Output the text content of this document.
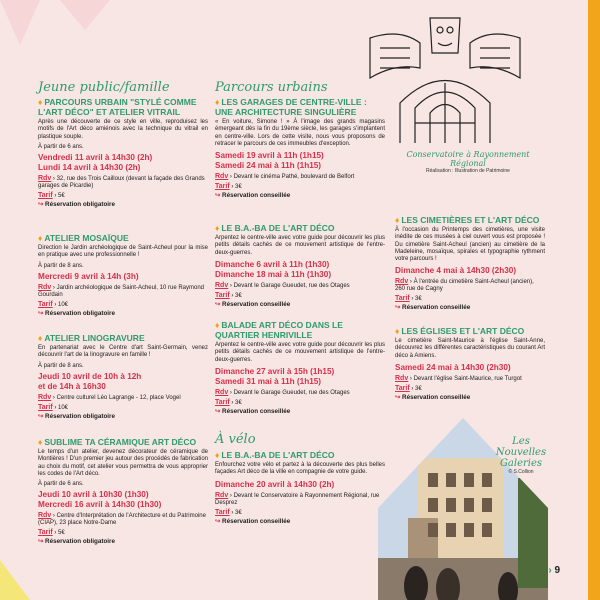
Conservatoire à Rayonnement Régional
Réalisation : Illustration de Patrimoine
Jeune public/famille	Parcours urbains
À vélo

♦ PARCOURS URBAIN "STYLÉ COMME L'ART DÉCO" ET ATELIER VITRAIL

Après une découverte de ce style en ville, reproduisez les motifs de l'Art déco amiénois avec la technique du vitrail en plastique souple.

À partir de 6 ans.

Vendredi 11 avril à 14h30 (2h)

Lundi 14 avril à 14h30 (2h)

Rdv › 32, rue des Trois Cailloux (devant la façade des Grands garages de Picardie)

Tarif › 5€

↪ Réservation obligatoire

♦ ATELIER MOSAÏQUE

Direction le Jardin archéologique de Saint-Acheul pour la mise en pratique avec une professionnelle !

À partir de 8 ans.

Mercredi 9 avril à 14h (3h)

Rdv › Jardin archéologique de Saint-Acheul, 10 rue Raymond Gourdain

Tarif › 10€

↪ Réservation obligatoire

♦ ATELIER LINOGRAVURE

En partenariat avec le Centre d'art Saint-Germain, venez découvrir l'art de la linogravure en famille !

À partir de 8 ans.

Jeudi 10 avril de 10h à 12h

et de 14h à 16h30

Rdv › Centre culturel Léo Lagrange - 12, place Vogel

Tarif › 10€

↪ Réservation obligatoire

♦ SUBLIME TA CÉRAMIQUE ART DÉCO

Le temps d'un atelier, devenez décorateur de céramique de Montières ! D'un premier jeu autour des procédés de fabrication au choix du motif, cet atelier vous permettra de vous approprier les codes de l'Art déco.

À partir de 6 ans.

Jeudi 10 avril à 10h30 (1h30)

Mercredi 16 avril à 14h30 (1h30)

Rdv › Centre d'Interprétation de l'Architecture et du Patrimoine (CIAP), 23 place Notre-Dame

Tarif › 5€

↪ Réservation obligatoire

♦ LES GARAGES DE CENTRE-VILLE : UNE ARCHITECTURE SINGULIÈRE

« En voiture, Simone ! » À l'image des grands magasins émergeant dès la fin du 19ème siècle, les garages s'implantent en centre-ville. Lors de cette visite, nous vous proposons de retracer le parcours de ces immeubles d'exception.

Samedi 19 avril à 11h (1h15)

Samedi 24 mai à 11h (1h15)

Rdv › Devant le cinéma Pathé, boulevard de Belfort

Tarif › 3€

↪ Réservation conseillée

♦ LE B.A.-BA DE L'ART DÉCO

Arpentez le centre-ville avec votre guide pour découvrir les plus petits détails cachés de ce mouvement artistique de l'entre-deux-guerres.

Dimanche 6 avril à 11h (1h30)

Dimanche 18 mai à 11h (1h30)

Rdv › Devant le Garage Gueudet, rue des Otages

Tarif › 3€

↪ Réservation conseillée

♦ BALADE ART DÉCO DANS LE QUARTIER HENRIVILLE

Arpentez le centre-ville avec votre guide pour découvrir les plus petits détails cachés de ce mouvement artistique de l'entre-deux-guerres.

Dimanche 27 avril à 15h (1h15)

Samedi 31 mai à 11h (1h15)

Rdv › Devant le Garage Gueudet, rue des Otages

Tarif › 3€

↪ Réservation conseillée

♦ LE B.A.-BA DE L'ART DÉCO

Enfourchez votre vélo et partez à la découverte des plus belles façades Art déco de la ville en compagnie de votre guide.

Dimanche 20 avril à 14h30 (2h)

Rdv › Devant le Conservatoire à Rayonnement Régional, rue Desprez

Tarif › 3€

↪ Réservation conseillée

♦ LES CIMETIÈRES ET L'ART DÉCO

À l'occasion du Printemps des cimetières, une visite inédite de ces musées à ciel ouvert vous est proposée ! Du cimetière Saint-Acheul (ancien) au cimetière de la Madeleine, mosaïque, spirales et typographie rythment votre parcours !

Dimanche 4 mai à 14h30 (2h30)

Rdv › À l'entrée du cimetière Saint-Acheul (ancien), 260 rue de Cagny

Tarif › 3€

↪ Réservation conseillée

♦ LES ÉGLISES ET L'ART DÉCO

Le cimetière Saint-Maurice à l'église Saint-Anne, découvrez les différentes caractéristiques du courant Art déco à Amiens.

Samedi 24 mai à 14h30 (2h30)

Rdv › Devant l'église Saint-Maurice, rue Turgot

Tarif › 3€

↪ Réservation conseillée

Les Nouvelles Galeries
© S.Collion
› 9
